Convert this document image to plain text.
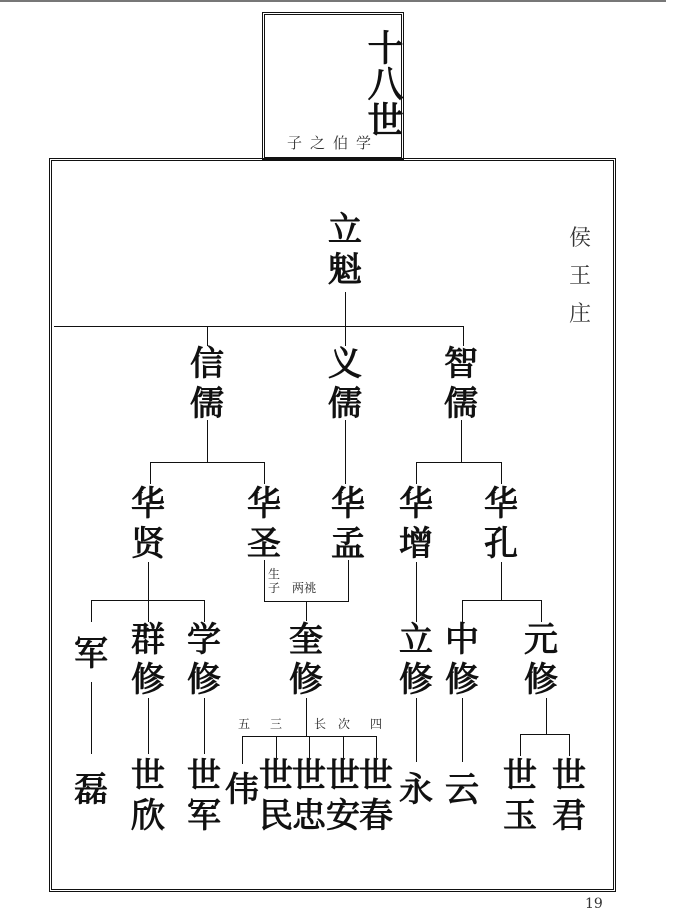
十八世
子之伯学
侯
王
庄
立
魁
信
儒
义
儒
智
儒
华
贤
华
圣
华
孟
华
增
华
孔
军 群
修
学
修
奎
修
立
修
中
修
元
修
磊 世
欣
世
军
伟 世
民
世
忠
世
安
世
春
永 云 世
玉
世
君
生
子 两祧
五 三	长 次 四
19
